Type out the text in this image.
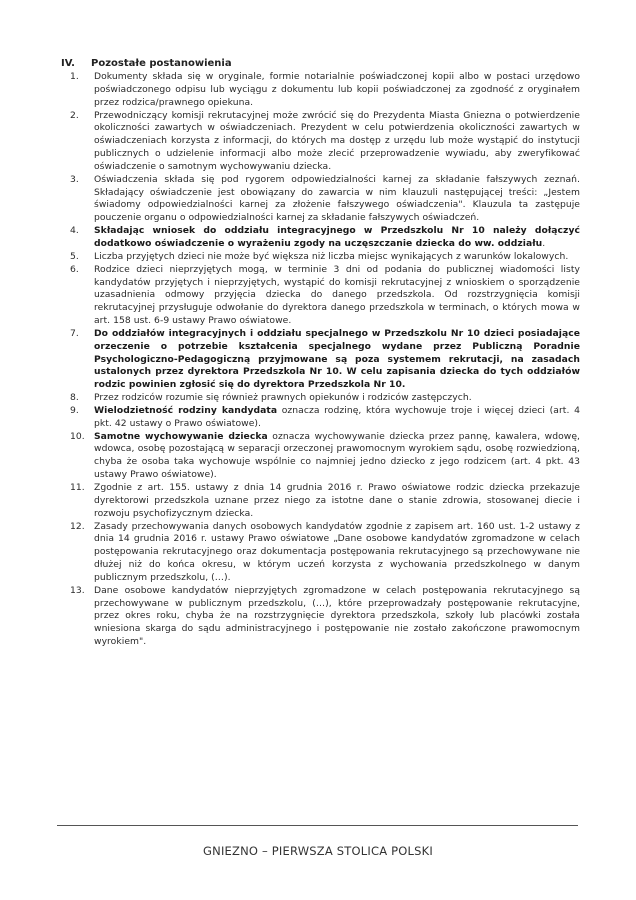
IV. Pozostałe postanowienia
1. Dokumenty składa się w oryginale, formie notarialnie poświadczonej kopii albo w postaci urzędowo poświadczonego odpisu lub wyciągu z dokumentu lub kopii poświadczonej za zgodność z oryginałem przez rodzica/prawnego opiekuna.
2. Przewodniczący komisji rekrutacyjnej może zwrócić się do Prezydenta Miasta Gniezna o potwierdzenie okoliczności zawartych w oświadczeniach. Prezydent w celu potwierdzenia okoliczności zawartych w oświadczeniach korzysta z informacji, do których ma dostęp z urzędu lub może wystąpić do instytucji publicznych o udzielenie informacji albo może zlecić przeprowadzenie wywiadu, aby zweryfikować oświadczenie o samotnym wychowywaniu dziecka.
3. Oświadczenia składa się pod rygorem odpowiedzialności karnej za składanie fałszywych zeznań. Składający oświadczenie jest obowiązany do zawarcia w nim klauzuli następującej treści: „Jestem świadomy odpowiedzialności karnej za złożenie fałszywego oświadczenia". Klauzula ta zastępuje pouczenie organu o odpowiedzialności karnej za składanie fałszywych oświadczeń.
4. Składając wniosek do oddziału integracyjnego w Przedszkolu Nr 10 należy dołączyć dodatkowo oświadczenie o wyrażeniu zgody na uczęszczanie dziecka do ww. oddziału.
5. Liczba przyjętych dzieci nie może być większa niż liczba miejsc wynikających z warunków lokalowych.
6. Rodzice dzieci nieprzyjętych mogą, w terminie 3 dni od podania do publicznej wiadomości listy kandydatów przyjętych i nieprzyjętych, wystąpić do komisji rekrutacyjnej z wnioskiem o sporządzenie uzasadnienia odmowy przyjęcia dziecka do danego przedszkola. Od rozstrzygnięcia komisji rekrutacyjnej przysługuje odwołanie do dyrektora danego przedszkola w terminach, o których mowa w art. 158 ust. 6-9 ustawy Prawo oświatowe.
7. Do oddziałów integracyjnych i oddziału specjalnego w Przedszkolu Nr 10 dzieci posiadające orzeczenie o potrzebie kształcenia specjalnego wydane przez Publiczną Poradnie Psychologiczno-Pedagogiczną przyjmowane są poza systemem rekrutacji, na zasadach ustalonych przez dyrektora Przedszkola Nr 10. W celu zapisania dziecka do tych oddziałów rodzic powinien zgłosić się do dyrektora Przedszkola Nr 10.
8. Przez rodziców rozumie się również prawnych opiekunów i rodziców zastępczych.
9. Wielodzietność rodziny kandydata oznacza rodzinę, która wychowuje troje i więcej dzieci (art. 4 pkt. 42 ustawy o Prawo oświatowe).
10. Samotne wychowywanie dziecka oznacza wychowywanie dziecka przez pannę, kawalera, wdowę, wdowca, osobę pozostającą w separacji orzeczonej prawomocnym wyrokiem sądu, osobę rozwiedzioną, chyba że osoba taka wychowuje wspólnie co najmniej jedno dziecko z jego rodzicem (art. 4 pkt. 43 ustawy Prawo oświatowe).
11. Zgodnie z art. 155. ustawy z dnia 14 grudnia 2016 r. Prawo oświatowe rodzic dziecka przekazuje dyrektorowi przedszkola uznane przez niego za istotne dane o stanie zdrowia, stosowanej diecie i rozwoju psychofizycznym dziecka.
12. Zasady przechowywania danych osobowych kandydatów zgodnie z zapisem art. 160 ust. 1-2 ustawy z dnia 14 grudnia 2016 r. ustawy Prawo oświatowe „Dane osobowe kandydatów zgromadzone w celach postępowania rekrutacyjnego oraz dokumentacja postępowania rekrutacyjnego są przechowywane nie dłużej niż do końca okresu, w którym uczeń korzysta z wychowania przedszkolnego w danym publicznym przedszkolu, (…).
13. Dane osobowe kandydatów nieprzyjętych zgromadzone w celach postępowania rekrutacyjnego są przechowywane w publicznym przedszkolu, (…), które przeprowadzały postępowanie rekrutacyjne, przez okres roku, chyba że na rozstrzygnięcie dyrektora przedszkola, szkoły lub placówki została wniesiona skarga do sądu administracyjnego i postępowanie nie zostało zakończone prawomocnym wyrokiem".
GNIEZNO – PIERWSZA STOLICA POLSKI
